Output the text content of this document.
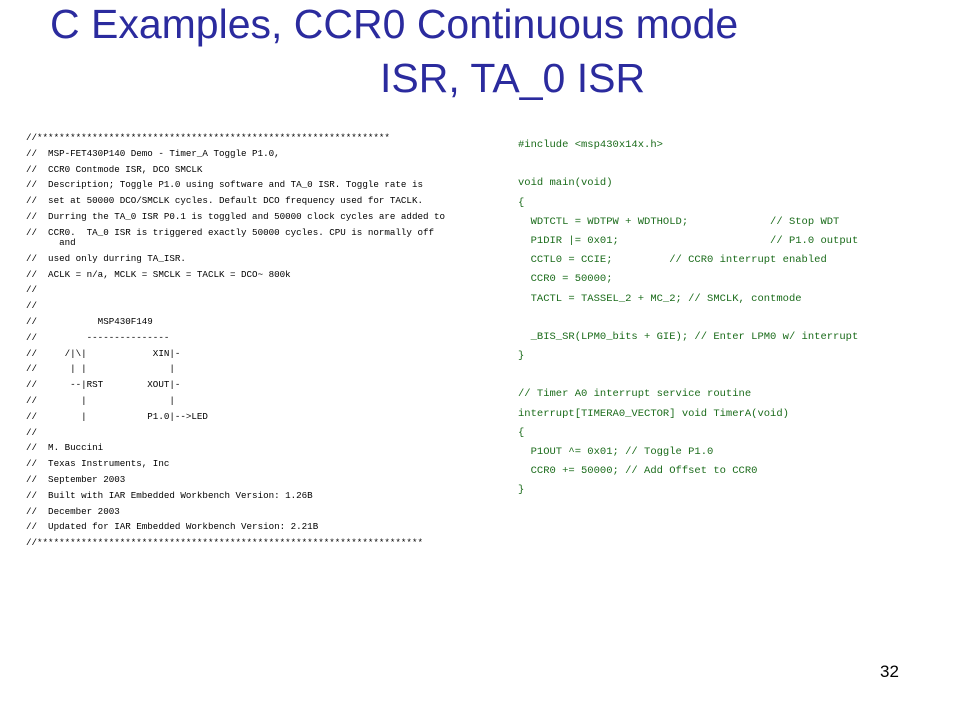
C Examples, CCR0 Continuous mode
ISR, TA_0 ISR
//****************************************************************
//  MSP-FET430P140 Demo - Timer_A Toggle P1.0,
//  CCR0 Contmode ISR, DCO SMCLK
//  Description; Toggle P1.0 using software and TA_0 ISR. Toggle rate is
//  set at 50000 DCO/SMCLK cycles. Default DCO frequency used for TACLK.
//  Durring the TA_0 ISR P0.1 is toggled and 50000 clock cycles are added to
//  CCR0.  TA_0 ISR is triggered exactly 50000 cycles. CPU is normally off
and
//  used only durring TA_ISR.
//  ACLK = n/a, MCLK = SMCLK = TACLK = DCO~ 800k
//
//
//           MSP430F149
//         ---------------
//     /|\|            XIN|-
//      | |               |
//      --|RST        XOUT|-
//        |               |
//        |           P1.0|-->LED
//
//  M. Buccini
//  Texas Instruments, Inc
//  September 2003
//  Built with IAR Embedded Workbench Version: 1.26B
//  December 2003
//  Updated for IAR Embedded Workbench Version: 2.21B
//**********************************************************************
#include <msp430x14x.h>
void main(void)
{
WDTCTL = WDTPW + WDTHOLD;             // Stop WDT
P1DIR |= 0x01;                        // P1.0 output
CCTL0 = CCIE;         // CCR0 interrupt enabled
CCR0 = 50000;
TACTL = TASSEL_2 + MC_2; // SMCLK, contmode
_BIS_SR(LPM0_bits + GIE); // Enter LPM0 w/ interrupt
}
// Timer A0 interrupt service routine
interrupt[TIMERA0_VECTOR] void TimerA(void)
{
P1OUT ^= 0x01; // Toggle P1.0
CCR0 += 50000; // Add Offset to CCR0
}
32
